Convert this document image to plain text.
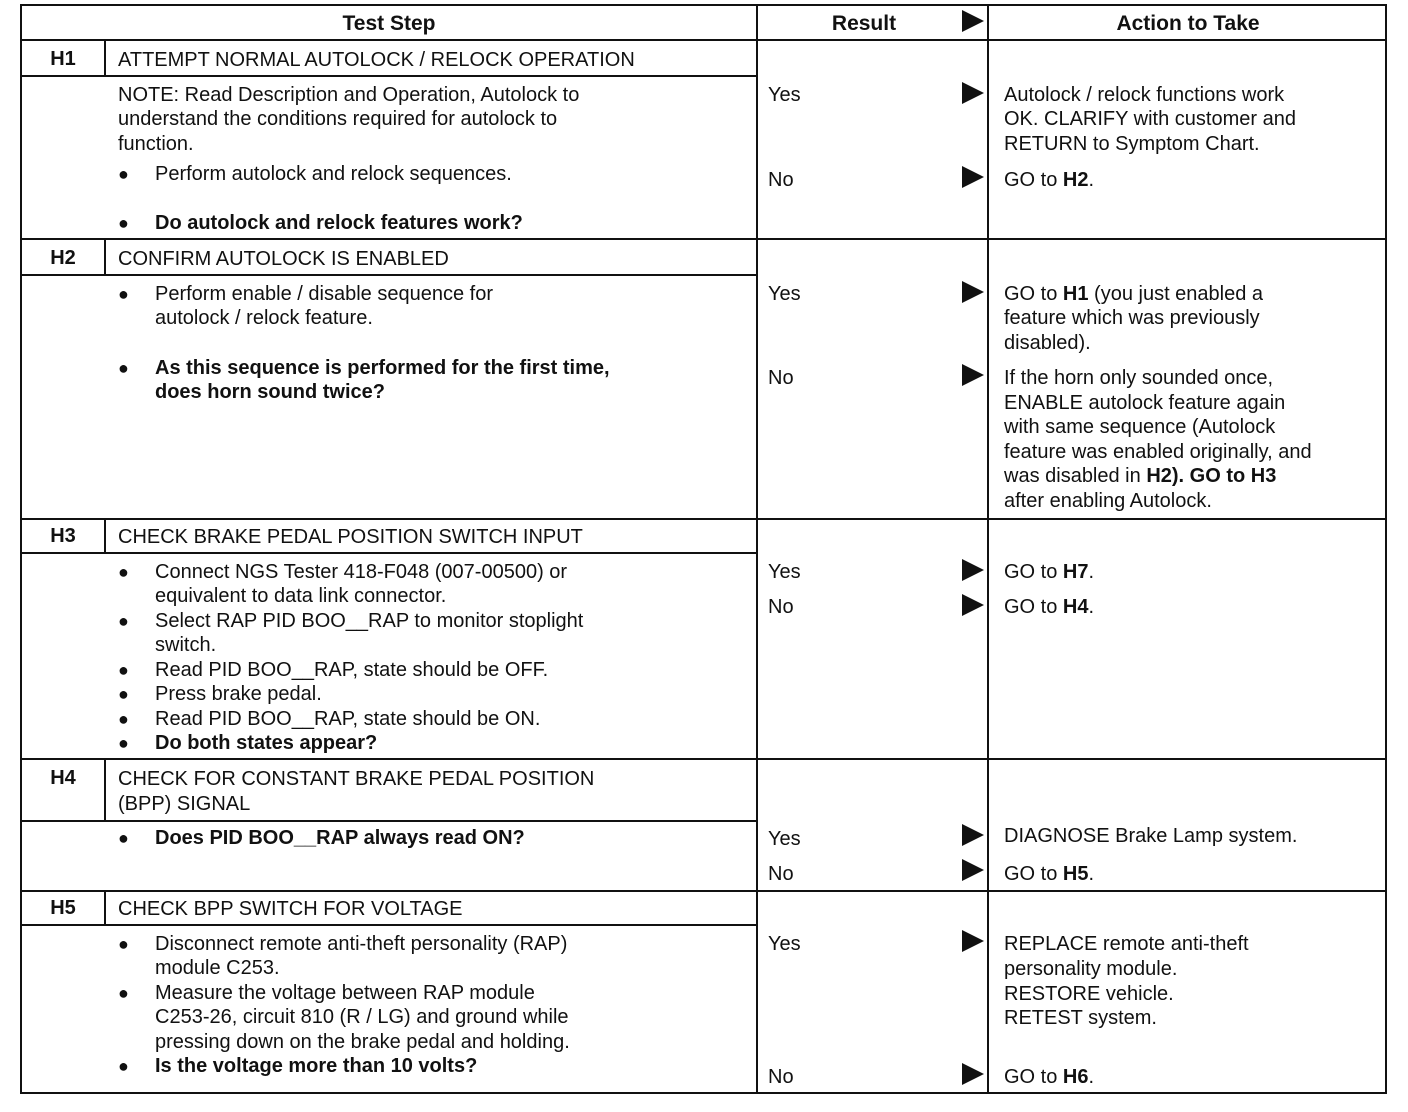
Test Step	Result	Action to Take
H1	ATTEMPT NORMAL AUTOLOCK / RELOCK OPERATION
NOTE: Read Description and Operation, Autolock to
understand the conditions required for autolock to
function.
● Perform autolock and relock sequences.
● Do autolock and relock features work?
Yes	Autolock / relock functions work
OK. CLARIFY with customer and
RETURN to Symptom Chart.
No	GO to H2.
H2	CONFIRM AUTOLOCK IS ENABLED
● Perform enable / disable sequence for
autolock / relock feature.
● As this sequence is performed for the first time,
does horn sound twice?
Yes	GO to H1 (you just enabled a
feature which was previously
disabled).
No	If the horn only sounded once,
ENABLE autolock feature again
with same sequence (Autolock
feature was enabled originally, and
was disabled in H2). GO to H3
after enabling Autolock.
H3	CHECK BRAKE PEDAL POSITION SWITCH INPUT
● Connect NGS Tester 418-F048 (007-00500) or
equivalent to data link connector.
● Select RAP PID BOO__RAP to monitor stoplight
switch.
● Read PID BOO__RAP, state should be OFF.
● Press brake pedal.
● Read PID BOO__RAP, state should be ON.
● Do both states appear?
Yes	GO to H7.
No	GO to H4.
H4	CHECK FOR CONSTANT BRAKE PEDAL POSITION
(BPP) SIGNAL
● Does PID BOO__RAP always read ON?	Yes	DIAGNOSE Brake Lamp system.
No	GO to H5.
H5	CHECK BPP SWITCH FOR VOLTAGE
● Disconnect remote anti-theft personality (RAP)
module C253.
● Measure the voltage between RAP module
C253-26, circuit 810 (R / LG) and ground while
pressing down on the brake pedal and holding.
● Is the voltage more than 10 volts?
Yes	REPLACE remote anti-theft
personality module.
RESTORE vehicle.
RETEST system.
No	GO to H6.
